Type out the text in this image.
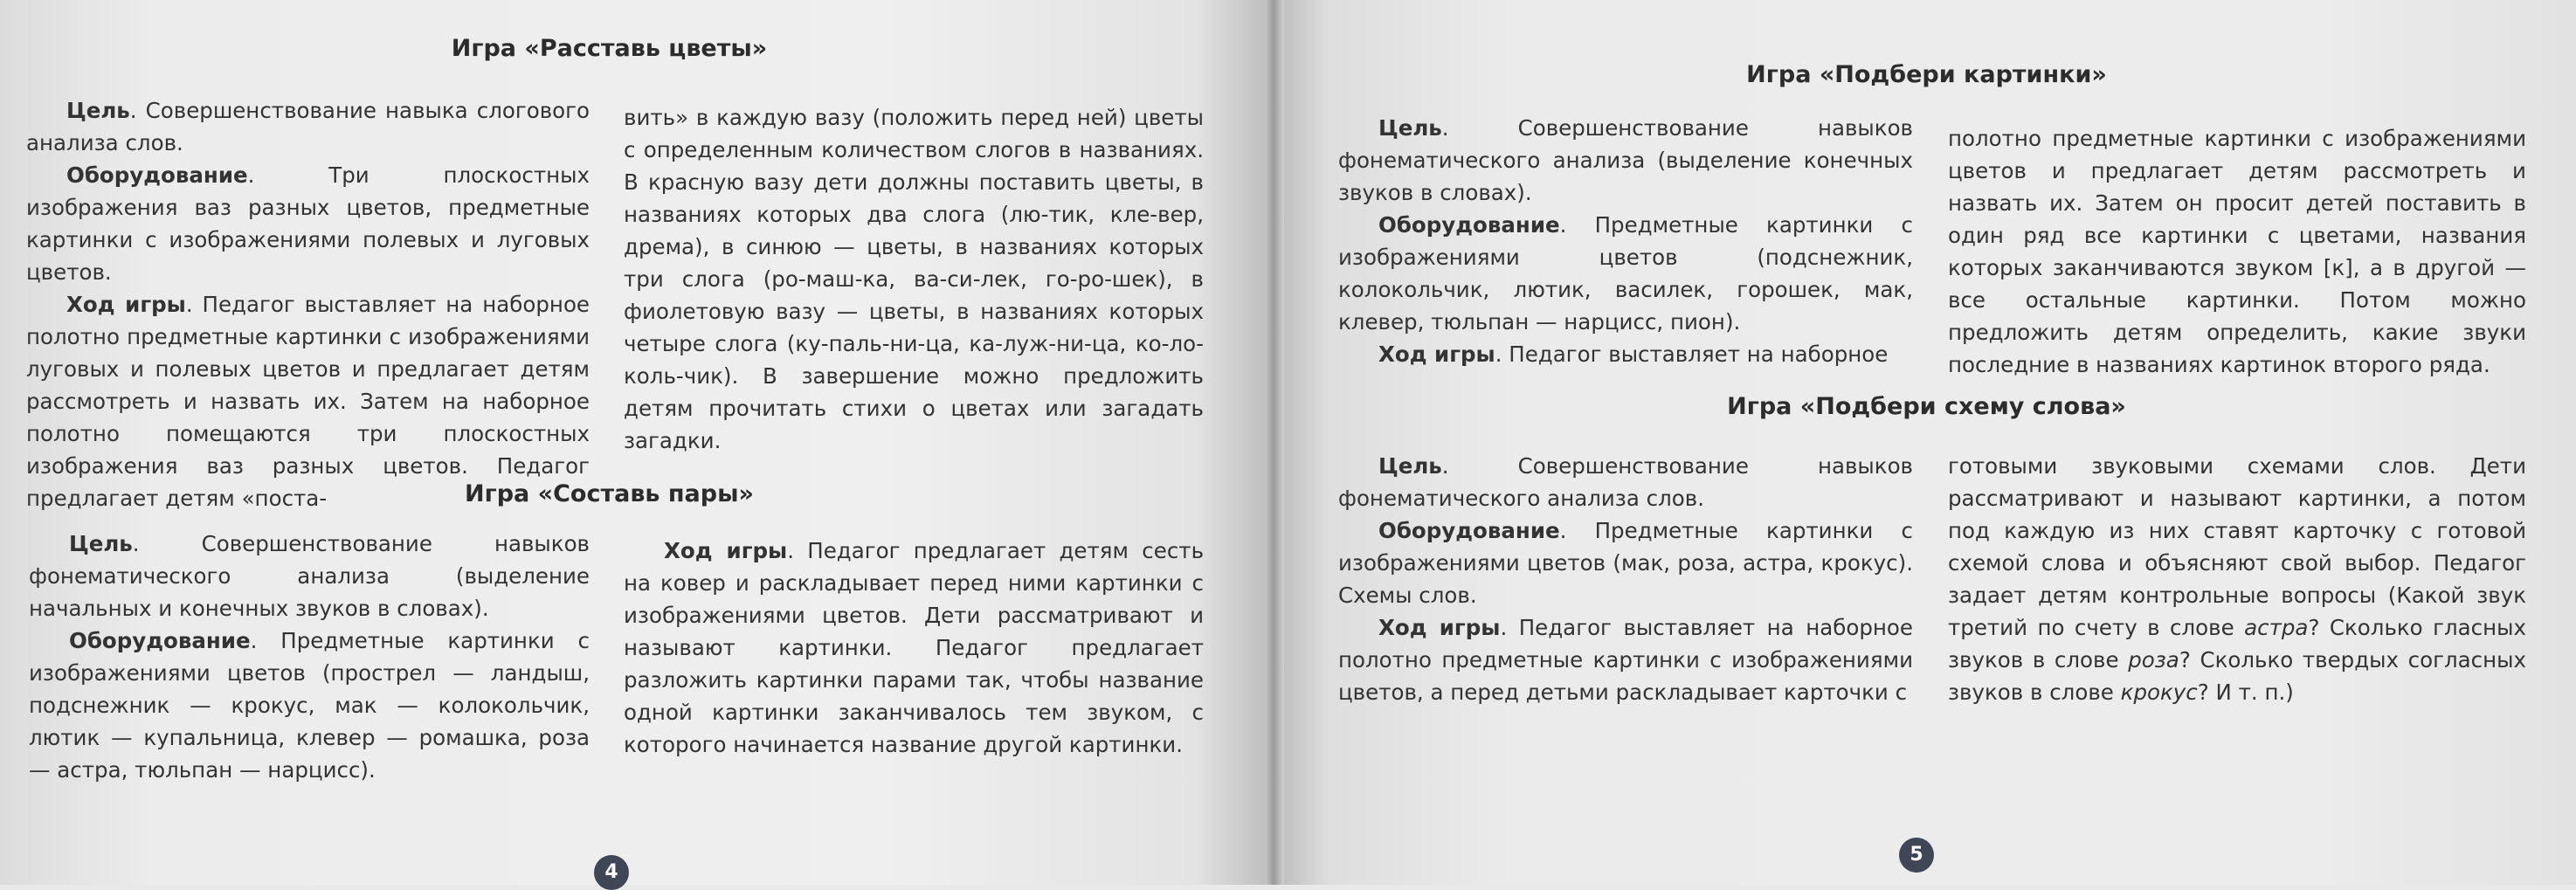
Игра «Расставь цветы»

Цель. Совершенствование навыка слогового анализа слов.

Оборудование. Три плоскостных изображения ваз разных цветов, предметные картинки с изображениями полевых и луговых цветов.

Ход игры. Педагог выставляет на наборное полотно предметные картинки с изображениями луговых и полевых цветов и предлагает детям рассмотреть и назвать их. Затем на наборное полотно помещаются три плоскостных изображения ваз разных цветов. Педагог предлагает детям «поста-

вить» в каждую вазу (положить перед ней) цветы с определенным количеством слогов в названиях. В красную вазу дети должны поставить цветы, в названиях которых два слога (лю-тик, кле-вер, дрема), в синюю — цветы, в названиях которых три слога (ро-маш-ка, ва-си-лек, го-ро-шек), в фиолетовую вазу — цветы, в названиях которых четыре слога (ку-паль-ни-ца, ка-луж-ни-ца, ко-ло-коль-чик). В завершение можно предложить детям прочитать стихи о цветах или загадать загадки.

Игра «Составь пары»

Цель. Совершенствование навыков фонематического анализа (выделение начальных и конечных звуков в словах).

Оборудование. Предметные картинки с изображениями цветов (прострел — ландыш, подснежник — крокус, мак — колокольчик, лютик — купальница, клевер — ромашка, роза — астра, тюльпан — нарцисс).

Ход игры. Педагог предлагает детям сесть на ковер и раскладывает перед ними картинки с изображениями цветов. Дети рассматривают и называют картинки. Педагог предлагает разложить картинки парами так, чтобы название одной картинки заканчивалось тем звуком, с которого начинается название другой картинки.

4
Игра «Подбери картинки»

Цель. Совершенствование навыков фонематического анализа (выделение конечных звуков в словах).

Оборудование. Предметные картинки с изображениями цветов (подснежник, колокольчик, лютик, василек, горошек, мак, клевер, тюльпан — нарцисс, пион).

Ход игры. Педагог выставляет на наборное

полотно предметные картинки с изображениями цветов и предлагает детям рассмотреть и назвать их. Затем он просит детей поставить в один ряд все картинки с цветами, названия которых заканчиваются звуком [к], а в другой — все остальные картинки. Потом можно предложить детям определить, какие звуки последние в названиях картинок второго ряда.

Игра «Подбери схему слова»

Цель. Совершенствование навыков фонематического анализа слов.

Оборудование. Предметные картинки с изображениями цветов (мак, роза, астра, крокус). Схемы слов.

Ход игры. Педагог выставляет на наборное полотно предметные картинки с изображениями цветов, а перед детьми раскладывает карточки с

готовыми звуковыми схемами слов. Дети рассматривают и называют картинки, а потом под каждую из них ставят карточку с готовой схемой слова и объясняют свой выбор. Педагог задает детям контрольные вопросы (Какой звук третий по счету в слове астра? Сколько гласных звуков в слове роза? Сколько твердых согласных звуков в слове крокус? И т. п.)

5
